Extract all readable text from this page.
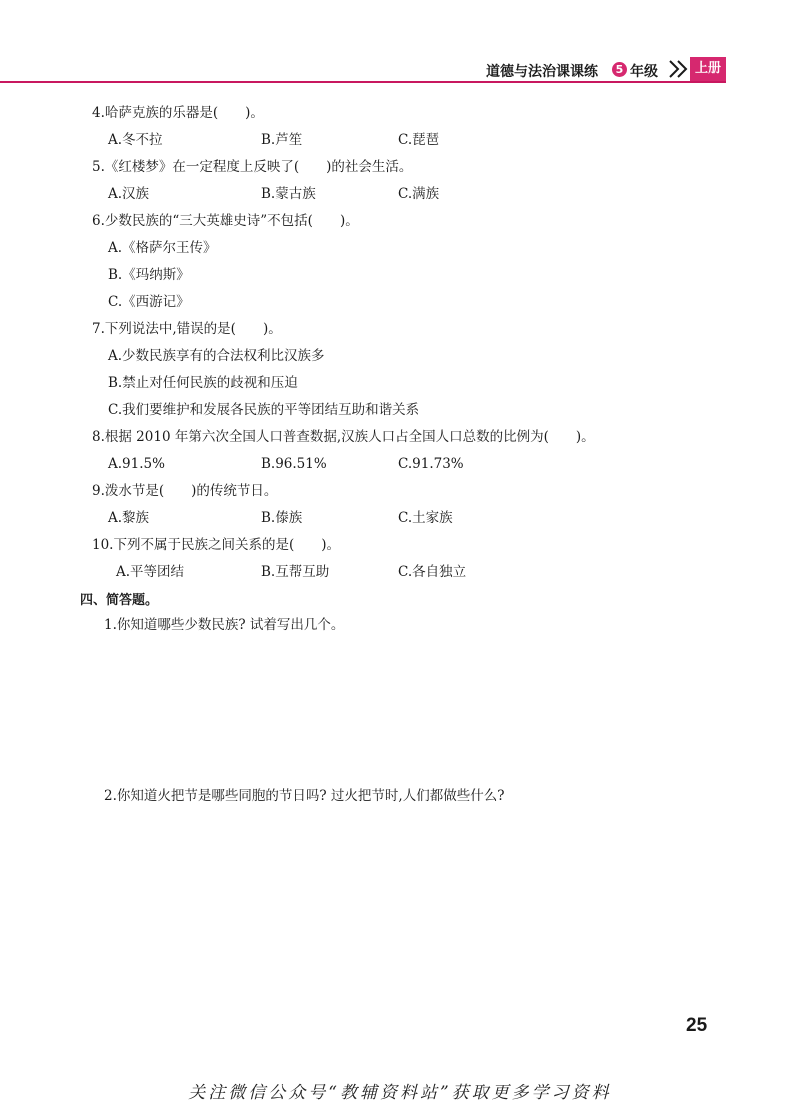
道德与法治课课练	5 年级	上册
4.哈萨克族的乐器是(　　)。
A.冬不拉	B.芦笙	C.琵琶
5.《红楼梦》在一定程度上反映了(　　)的社会生活。
A.汉族	B.蒙古族	C.满族
6.少数民族的“三大英雄史诗”不包括(　　)。
A.《格萨尔王传》
B.《玛纳斯》
C.《西游记》
7.下列说法中,错误的是(　　)。
A.少数民族享有的合法权利比汉族多
B.禁止对任何民族的歧视和压迫
C.我们要维护和发展各民族的平等团结互助和谐关系
8.根据 2010 年第六次全国人口普查数据,汉族人口占全国人口总数的比例为(　　)。
A.91.5%	B.96.51%	C.91.73%
9.泼水节是(　　)的传统节日。
A.黎族	B.傣族	C.土家族
10.下列不属于民族之间关系的是(　　)。
A.平等团结	B.互帮互助	C.各自独立
四、简答题。
1.你知道哪些少数民族? 试着写出几个。
2.你知道火把节是哪些同胞的节日吗? 过火把节时,人们都做些什么?
25
关注微信公众号“教辅资料站”获取更多学习资料
